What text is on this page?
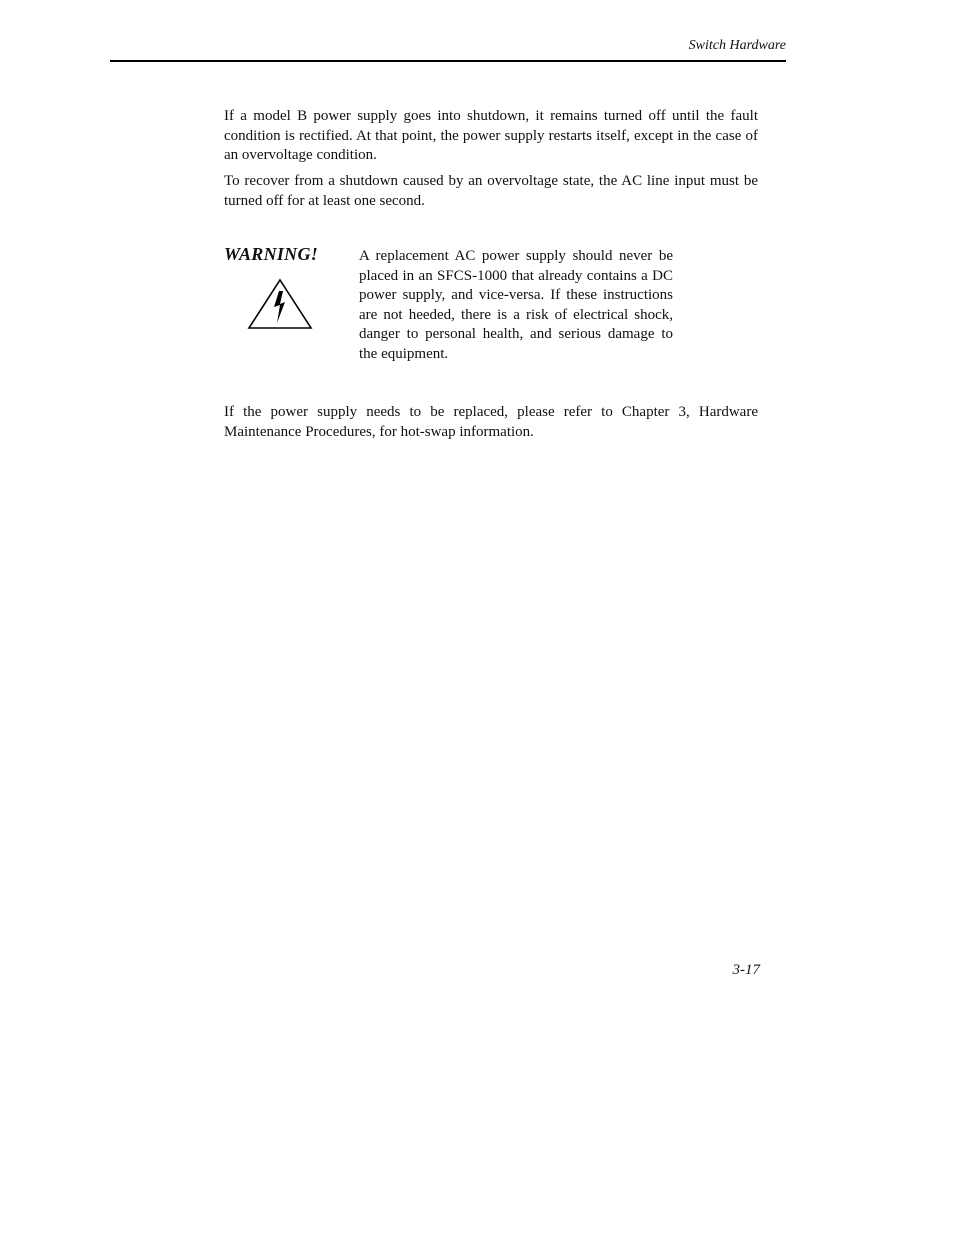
Switch Hardware

If a model B power supply goes into shutdown, it remains turned off until the fault condition is rectified. At that point, the power supply restarts itself, except in the case of an overvoltage condition.

To recover from a shutdown caused by an overvoltage state, the AC line input must be turned off for at least one second.

WARNING!	A replacement AC power supply should never be placed in an SFCS-1000 that already contains a DC power supply, and vice-versa. If these instructions are not heeded, there is a risk of electrical shock, danger to personal health, and serious damage to the equipment.

If the power supply needs to be replaced, please refer to Chapter 3, Hardware Maintenance Procedures, for hot-swap information.

3-17
